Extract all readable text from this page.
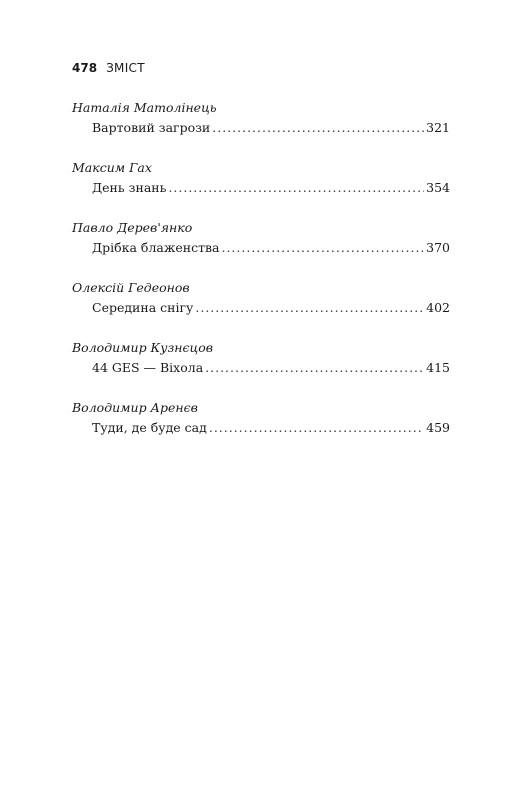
478 ЗМІСТ
Наталія Матолінець
Вартовий загрози .....	321
Максим Гах
День знань .....	354
Павло Дерев'янко
Дрібка блаженства .....	370
Олексій Гедеонов
Середина снігу .....	402
Володимир Кузнєцов
44 GES — Віхола .....	415
Володимир Аренєв
Туди, де буде сад .....	459
